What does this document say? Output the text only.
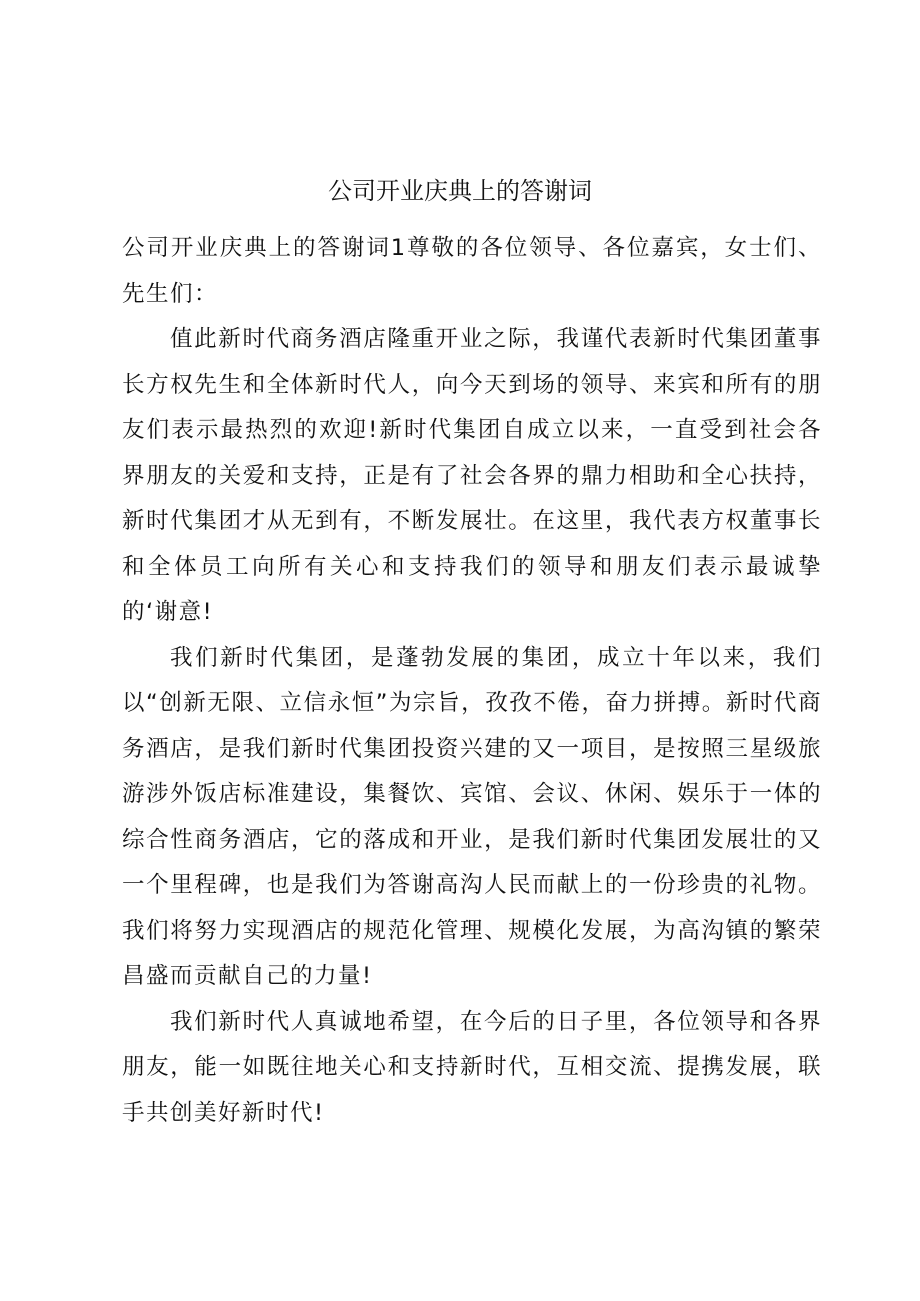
公司开业庆典上的答谢词

公司开业庆典上的答谢词1尊敬的各位领导、各位嘉宾，女士们、先生们：

值此新时代商务酒店隆重开业之际，我谨代表新时代集团董事长方权先生和全体新时代人，向今天到场的领导、来宾和所有的朋友们表示最热烈的欢迎!新时代集团自成立以来，一直受到社会各界朋友的关爱和支持，正是有了社会各界的鼎力相助和全心扶持，新时代集团才从无到有，不断发展壮。在这里，我代表方权董事长和全体员工向所有关心和支持我们的领导和朋友们表示最诚挚的‘谢意!

我们新时代集团，是蓬勃发展的集团，成立十年以来，我们以“创新无限、立信永恒”为宗旨，孜孜不倦，奋力拼搏。新时代商务酒店，是我们新时代集团投资兴建的又一项目，是按照三星级旅游涉外饭店标准建设，集餐饮、宾馆、会议、休闲、娱乐于一体的综合性商务酒店，它的落成和开业，是我们新时代集团发展壮的又一个里程碑，也是我们为答谢高沟人民而献上的一份珍贵的礼物。我们将努力实现酒店的规范化管理、规模化发展，为高沟镇的繁荣昌盛而贡献自己的力量!

我们新时代人真诚地希望，在今后的日子里，各位领导和各界朋友，能一如既往地关心和支持新时代，互相交流、提携发展，联手共创美好新时代!
